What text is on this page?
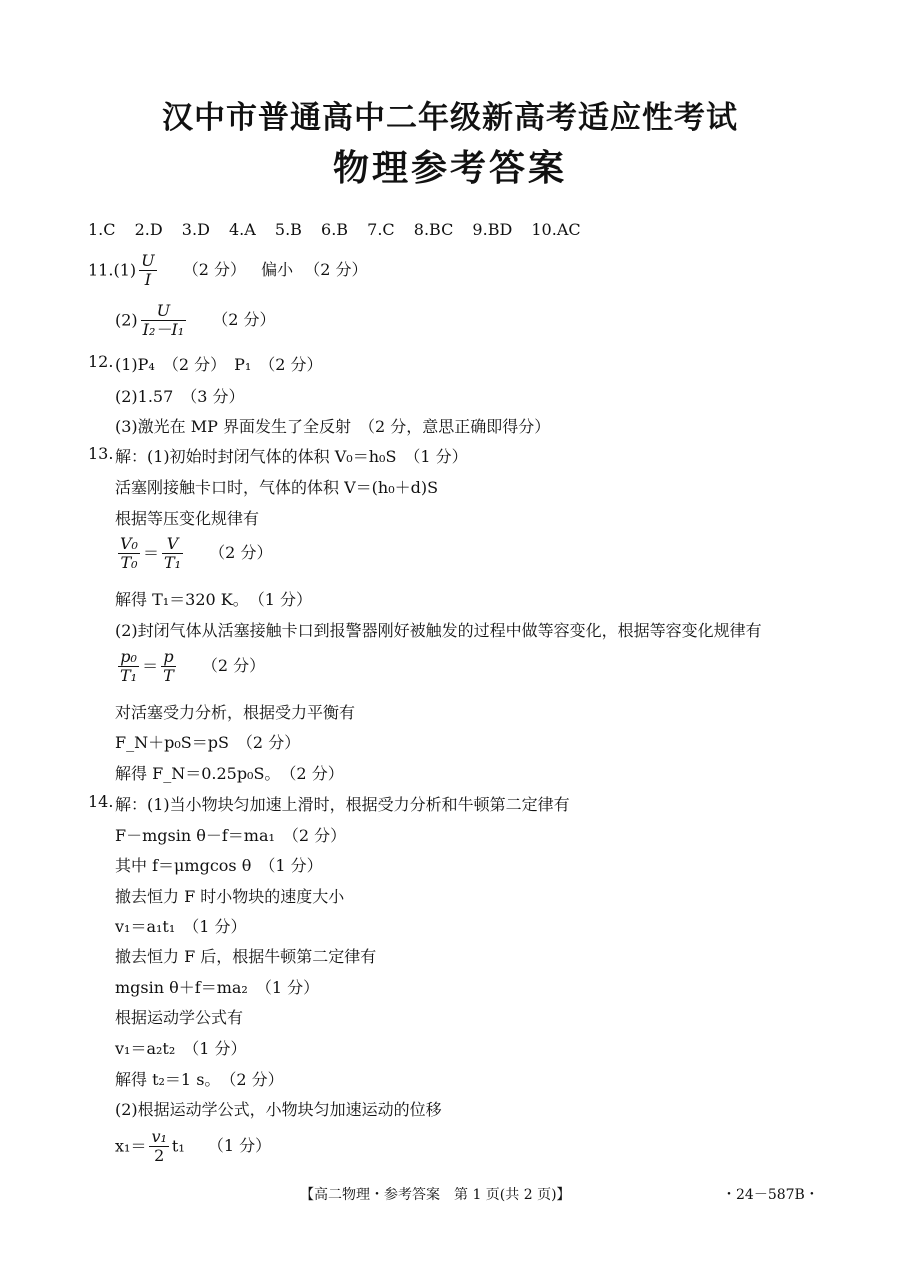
汉中市普通高中二年级新高考适应性考试
物理参考答案
1.C 2.D 3.D 4.A 5.B 6.B 7.C 8.BC 9.BD 10.AC
$11.(1) \frac{U}{I} (2$ 分） 偏小 （2 分）
$(2) \frac{U}{\text{I₂－I₁}} (2$ 分）
12. (1)P₄　（2 分）　P₁　（2 分）
(2)1.57　（3 分）
(3)激光在 MP 界面发生了全反射　（2 分，意思正确即得分）
13. 解：(1)初始时封闭气体的体积 V₀＝h₀S　（1 分）
活塞刚接触卡口时，气体的体积 V＝(h₀＋d)S
根据等压变化规律有
$\frac{\text{V₀}}{\text{T₀}} = \frac{V}{\text{T₁}} (2$ 分）
解得 T₁＝320 K。　（1 分）
(2)封闭气体从活塞接触卡口到报警器刚好被触发的过程中做等容变化，根据等容变化规律有
$\frac{\text{p₀}}{\text{T₁}} = \frac{p}{T} (2$ 分）
对活塞受力分析，根据受力平衡有
F_N＋p₀S＝pS　（2 分）
解得 F_N＝0.25p₀S。　（2 分）
14. 解：(1)当小物块匀加速上滑时，根据受力分析和牛顿第二定律有
F－mgsin θ－f＝ma₁　（2 分）
其中 f＝μmgcos θ　（1 分）
撤去恒力 F 时小物块的速度大小
v₁＝a₁t₁　（1 分）
撤去恒力 F 后，根据牛顿第二定律有
mgsin θ＋f＝ma₂　（1 分）
根据运动学公式有
v₁＝a₂t₂　（1 分）
解得 t₂＝1 s。　（2 分）
(2)根据运动学公式，小物块匀加速运动的位移
$x_1= \frac{\text{v₁}}{2} t_1$ （1 分）
【高二物理・参考答案　第 1 页(共 2 页)】	・24－587B・
